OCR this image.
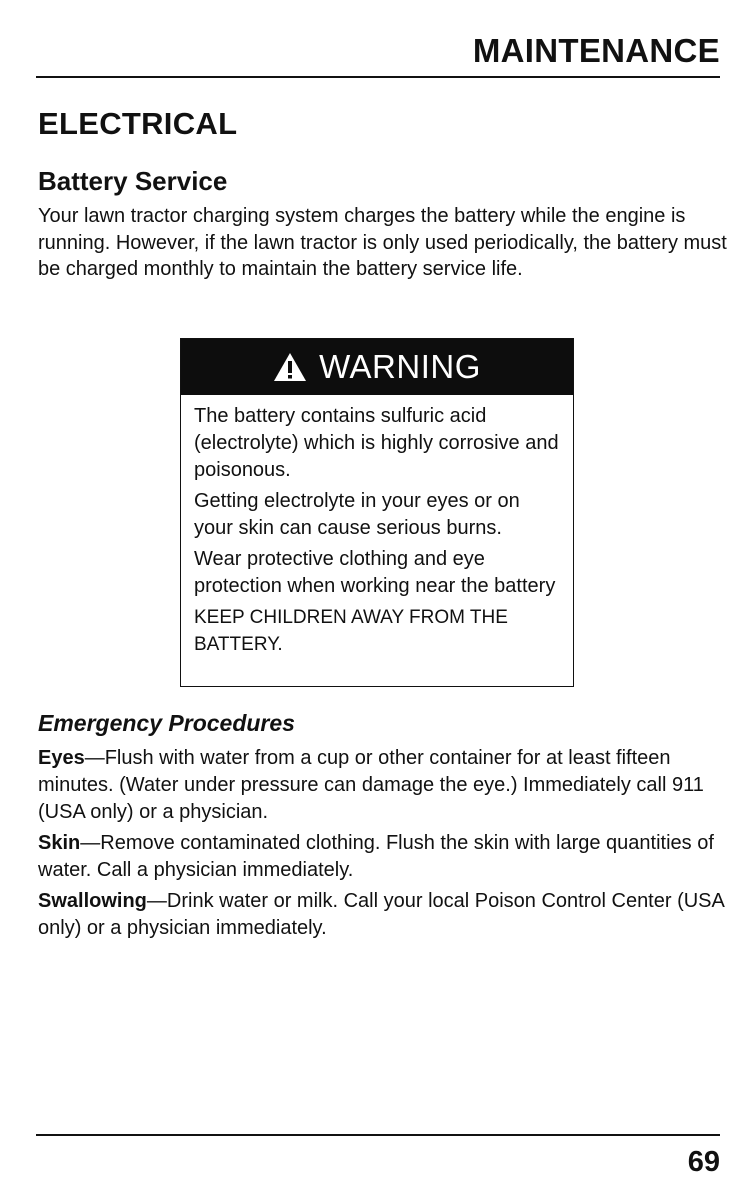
MAINTENANCE
ELECTRICAL
Battery Service

Your lawn tractor charging system charges the battery while the engine is running. However, if the lawn tractor is only used periodically, the battery must be charged monthly to maintain the battery service life.

WARNING

The battery contains sulfuric acid (electrolyte) which is highly corrosive and poisonous.

Getting electrolyte in your eyes or on your skin can cause serious burns.

Wear protective clothing and eye protection when working near the battery

KEEP CHILDREN AWAY FROM THE BATTERY.

Emergency Procedures

Eyes—Flush with water from a cup or other container for at least fifteen minutes. (Water under pressure can damage the eye.) Immediately call 911 (USA only) or a physician.

Skin—Remove contaminated clothing. Flush the skin with large quantities of water. Call a physician immediately.

Swallowing—Drink water or milk. Call your local Poison Control Center (USA only) or a physician immediately.

69
